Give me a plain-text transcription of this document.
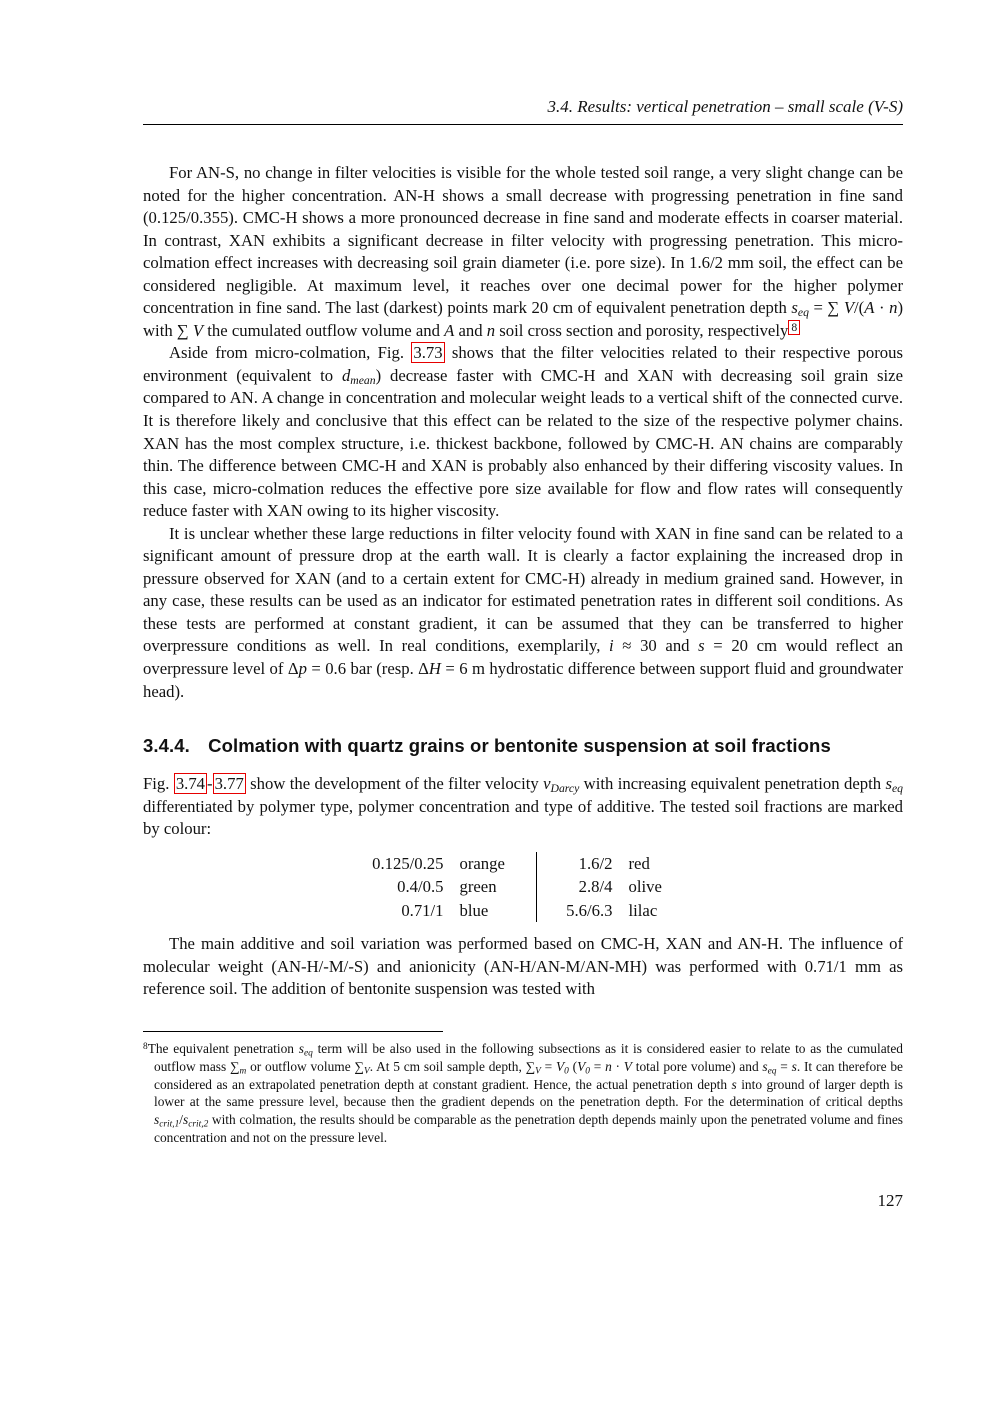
3.4. Results: vertical penetration – small scale (V-S)

For AN-S, no change in filter velocities is visible for the whole tested soil range, a very slight change can be noted for the higher concentration. AN-H shows a small decrease with progressing penetration in fine sand (0.125/0.355). CMC-H shows a more pronounced decrease in fine sand and moderate effects in coarser material. In contrast, XAN exhibits a significant decrease in filter velocity with progressing penetration. This micro-colmation effect increases with decreasing soil grain diameter (i.e. pore size). In 1.6/2 mm soil, the effect can be considered negligible. At maximum level, it reaches over one decimal power for the higher polymer concentration in fine sand. The last (darkest) points mark 20 cm of equivalent penetration depth seq = ∑ V/(A · n) with ∑ V the cumulated outflow volume and A and n soil cross section and porosity, respectively $^8$

Aside from micro-colmation, Fig. 3.73 shows that the filter velocities related to their respective porous environment (equivalent to dmean) decrease faster with CMC-H and XAN with decreasing soil grain size compared to AN. A change in concentration and molecular weight leads to a vertical shift of the connected curve. It is therefore likely and conclusive that this effect can be related to the size of the respective polymer chains. XAN has the most complex structure, i.e. thickest backbone, followed by CMC-H. AN chains are comparably thin. The difference between CMC-H and XAN is probably also enhanced by their differing viscosity values. In this case, micro-colmation reduces the effective pore size available for flow and flow rates will consequently reduce faster with XAN owing to its higher viscosity.

It is unclear whether these large reductions in filter velocity found with XAN in fine sand can be related to a significant amount of pressure drop at the earth wall. It is clearly a factor explaining the increased drop in pressure observed for XAN (and to a certain extent for CMC-H) already in medium grained sand. However, in any case, these results can be used as an indicator for estimated penetration rates in different soil conditions. As these tests are performed at constant gradient, it can be assumed that they can be transferred to higher overpressure conditions as well. In real conditions, exemplarily, i ≈ 30 and s = 20 cm would reflect an overpressure level of Δp = 0.6 bar (resp. ΔH = 6 m hydrostatic difference between support fluid and groundwater head).

3.4.4. Colmation with quartz grains or bentonite suspension at soil fractions

Fig. 3.74 - 3.77 show the development of the filter velocity vDarcy with increasing equivalent penetration depth seq differentiated by polymer type, polymer concentration and type of additive. The tested soil fractions are marked by colour:

0.125/0.25 orange
0.4/0.5 green
0.71/1 blue
1.6/2 red
2.8/4 olive
5.6/6.3 lilac

The main additive and soil variation was performed based on CMC-H, XAN and AN-H. The influence of molecular weight (AN-H/-M/-S) and anionicity (AN-H/AN-M/AN-MH) was performed with 0.71/1 mm as reference soil. The addition of bentonite suspension was tested with

$^8$The equivalent penetration seq term will be also used in the following subsections as it is considered easier to relate to as the cumulated outflow mass ∑m or outflow volume ∑V. At 5 cm soil sample depth, ∑V = V0 (V0 = n · V total pore volume) and seq = s. It can therefore be considered as an extrapolated penetration depth at constant gradient. Hence, the actual penetration depth s into ground of larger depth is lower at the same pressure level, because then the gradient depends on the penetration depth. For the determination of critical depths scrit,1/scrit,2 with colmation, the results should be comparable as the penetration depth depends mainly upon the penetrated volume and fines concentration and not on the pressure level.

127
